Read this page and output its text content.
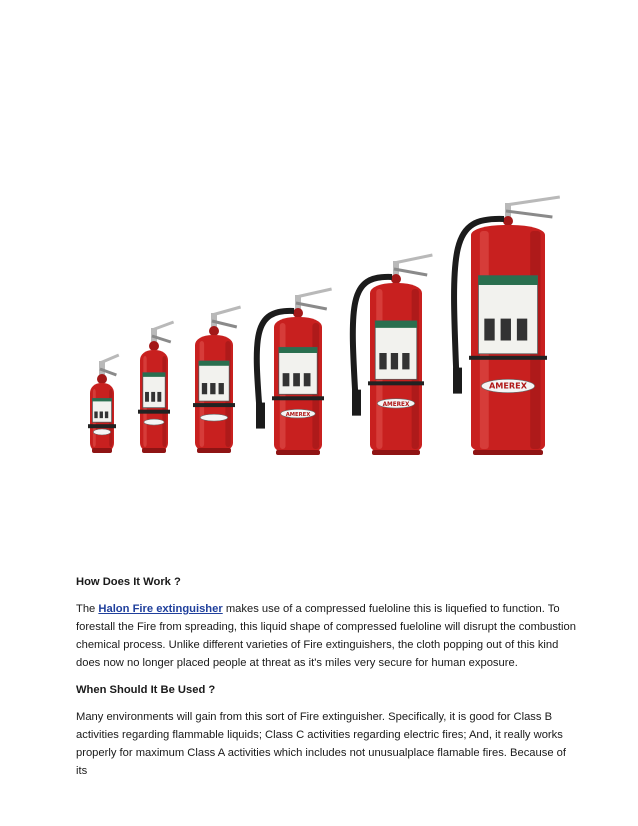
AMEREX
AMEREX
AMEREX

How Does It Work ?

The Halon Fire extinguisher makes use of a compressed fueloline this is liquefied to function. To forestall the Fire from spreading, this liquid shape of compressed fueloline will disrupt the combustion chemical process. Unlike different varieties of Fire extinguishers, the cloth popping out of this kind does now no longer placed people at threat as it's miles very secure for human exposure.

When Should It Be Used ?

Many environments will gain from this sort of Fire extinguisher. Specifically, it is good for Class B activities regarding flammable liquids; Class C activities regarding electric fires; And, it really works properly for maximum Class A activities which includes not unusualplace flamable fires. Because of its
